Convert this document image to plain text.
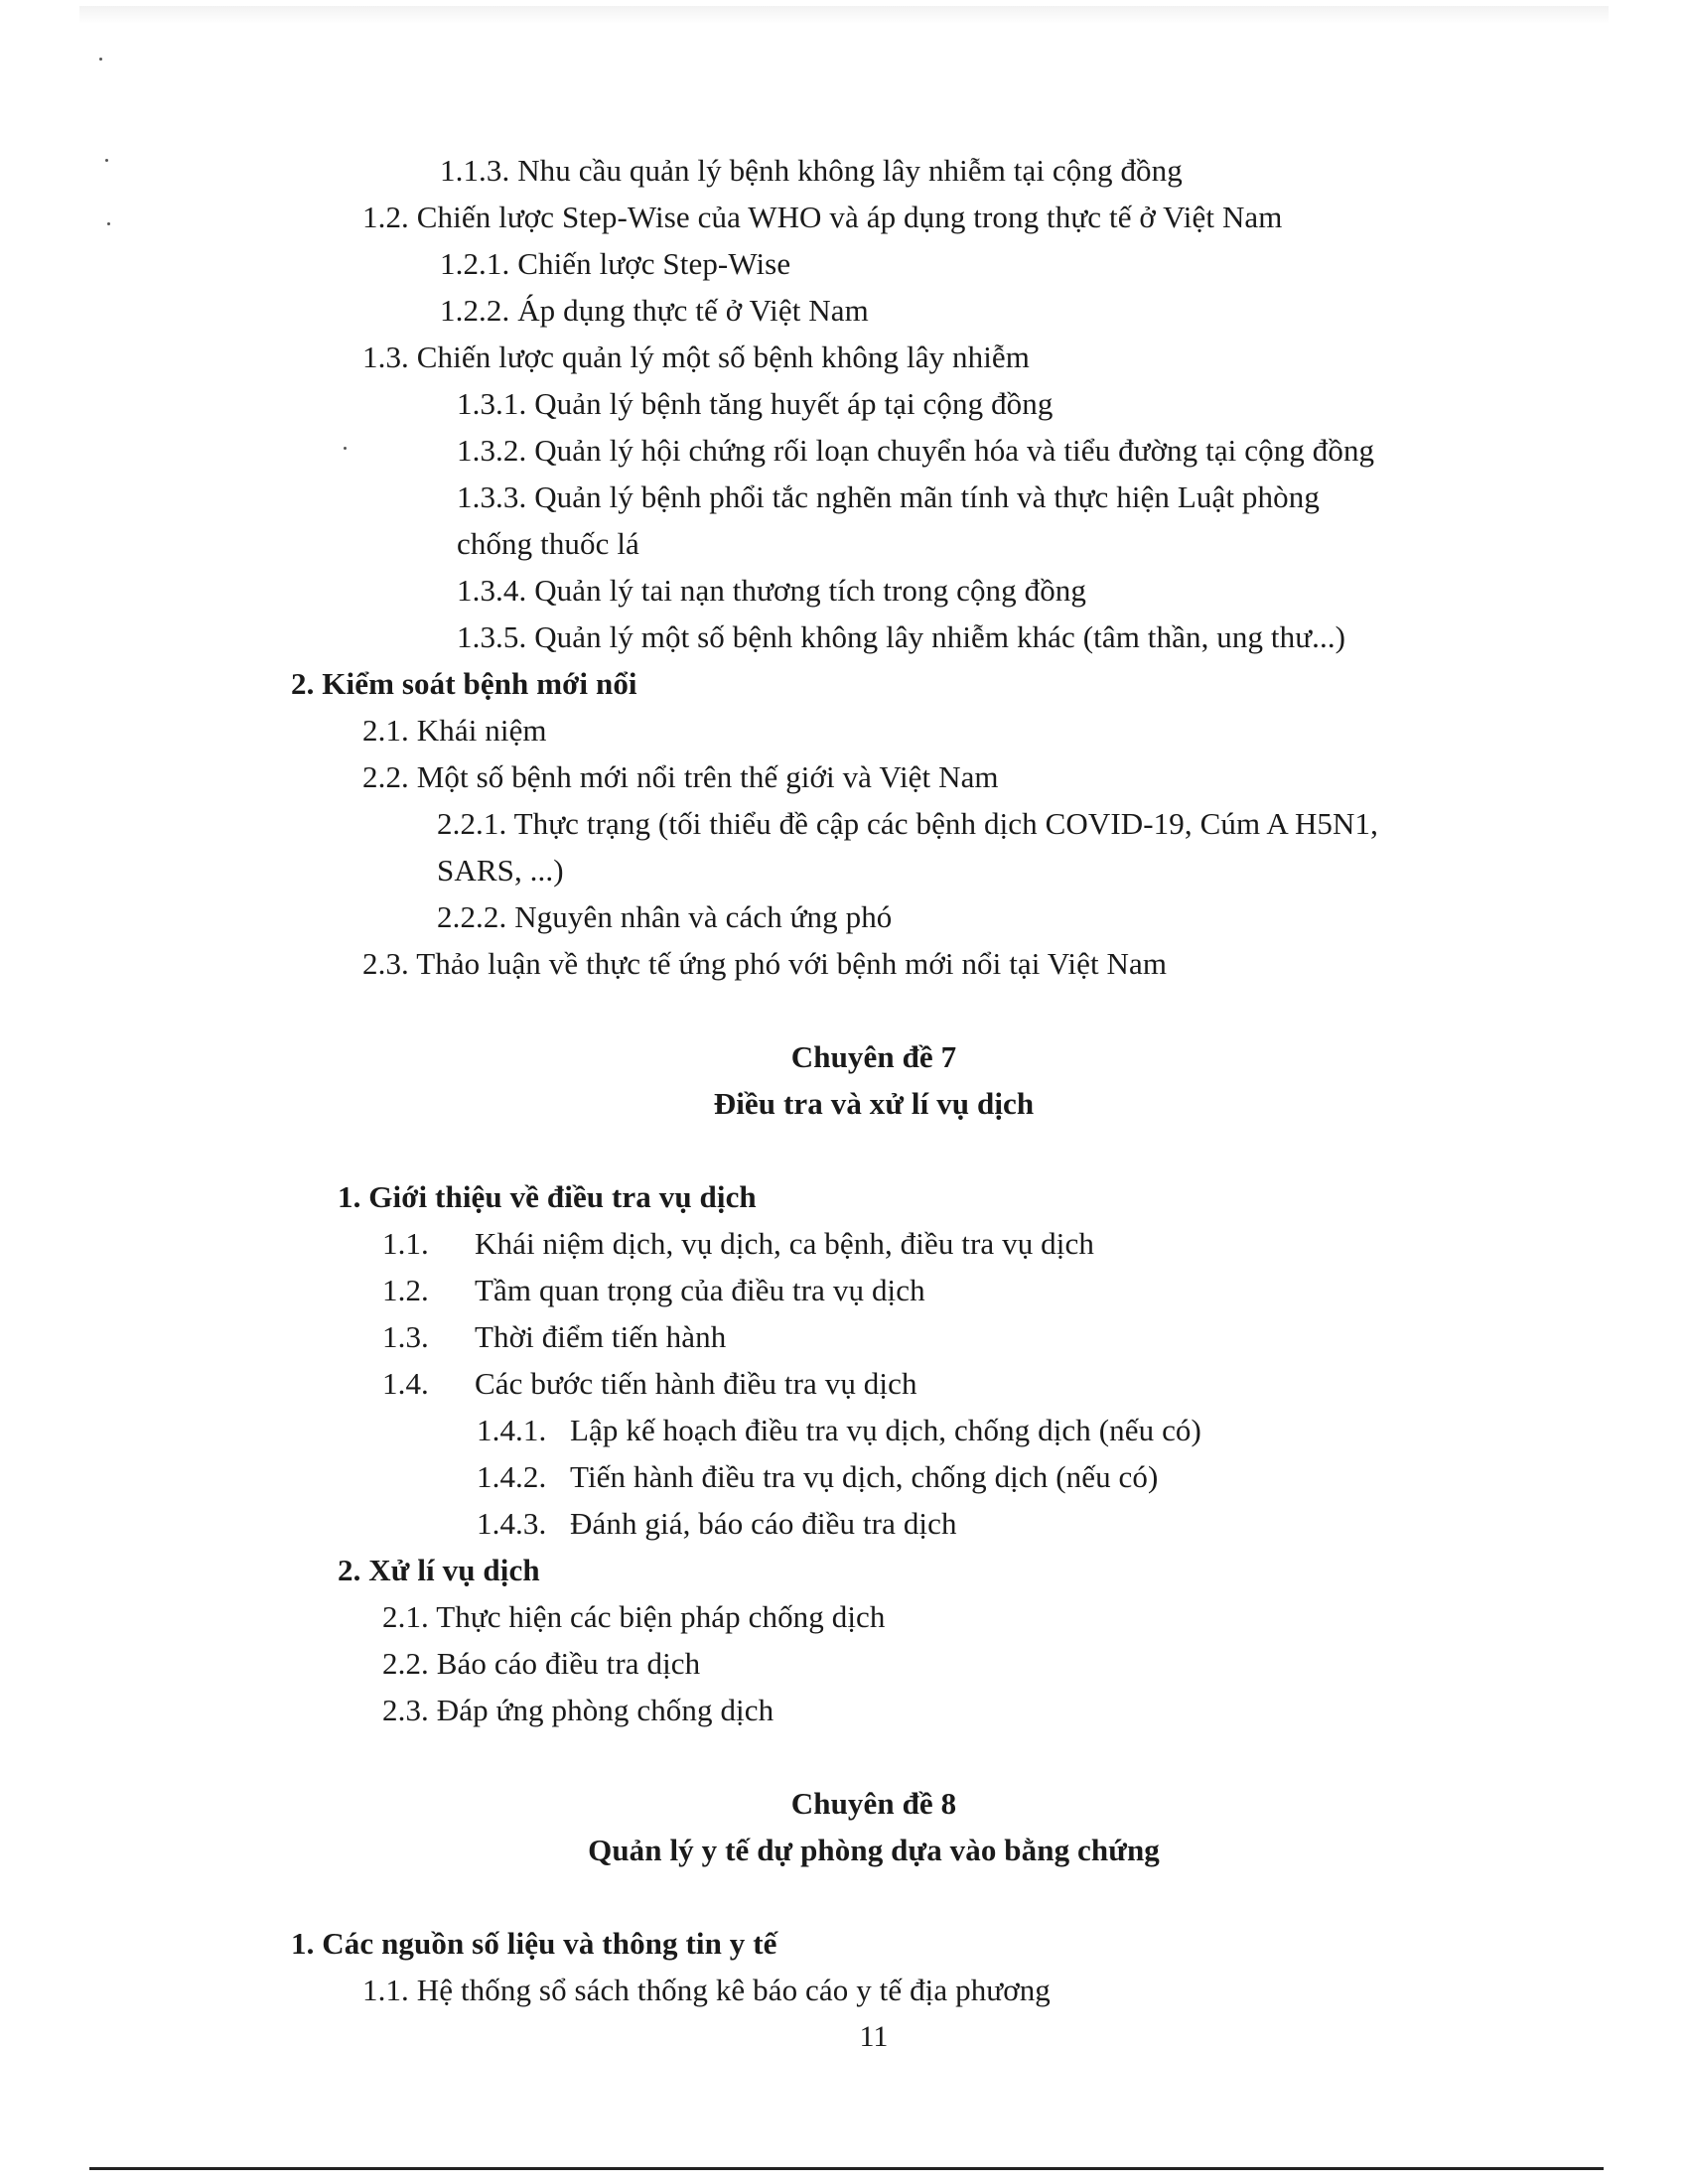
1.1.3. Nhu cầu quản lý bệnh không lây nhiễm tại cộng đồng
1.2. Chiến lược Step-Wise của WHO và áp dụng trong thực tế ở Việt Nam
1.2.1. Chiến lược Step-Wise
1.2.2. Áp dụng thực tế ở Việt Nam
1.3. Chiến lược quản lý một số bệnh không lây nhiễm
1.3.1. Quản lý bệnh tăng huyết áp tại cộng đồng
1.3.2. Quản lý hội chứng rối loạn chuyển hóa và tiểu đường tại cộng đồng
1.3.3. Quản lý bệnh phổi tắc nghẽn mãn tính và thực hiện Luật phòng
chống thuốc lá
1.3.4. Quản lý tai nạn thương tích trong cộng đồng
1.3.5. Quản lý một số bệnh không lây nhiễm khác (tâm thần, ung thư...)
2. Kiểm soát bệnh mới nổi
2.1. Khái niệm
2.2. Một số bệnh mới nổi trên thế giới và Việt Nam
2.2.1. Thực trạng (tối thiểu đề cập các bệnh dịch COVID-19, Cúm A H5N1,
SARS, ...)
2.2.2. Nguyên nhân và cách ứng phó
2.3. Thảo luận về thực tế ứng phó với bệnh mới nổi tại Việt Nam
Chuyên đề 7
Điều tra và xử lí vụ dịch
1. Giới thiệu về điều tra vụ dịch
1.1. Khái niệm dịch, vụ dịch, ca bệnh, điều tra vụ dịch
1.2. Tầm quan trọng của điều tra vụ dịch
1.3. Thời điểm tiến hành
1.4. Các bước tiến hành điều tra vụ dịch
1.4.1. Lập kế hoạch điều tra vụ dịch, chống dịch (nếu có)
1.4.2. Tiến hành điều tra vụ dịch, chống dịch (nếu có)
1.4.3. Đánh giá, báo cáo điều tra dịch
2. Xử lí vụ dịch
2.1. Thực hiện các biện pháp chống dịch
2.2. Báo cáo điều tra dịch
2.3. Đáp ứng phòng chống dịch
Chuyên đề 8
Quản lý y tế dự phòng dựa vào bằng chứng
1. Các nguồn số liệu và thông tin y tế
1.1. Hệ thống sổ sách thống kê báo cáo y tế địa phương
11
